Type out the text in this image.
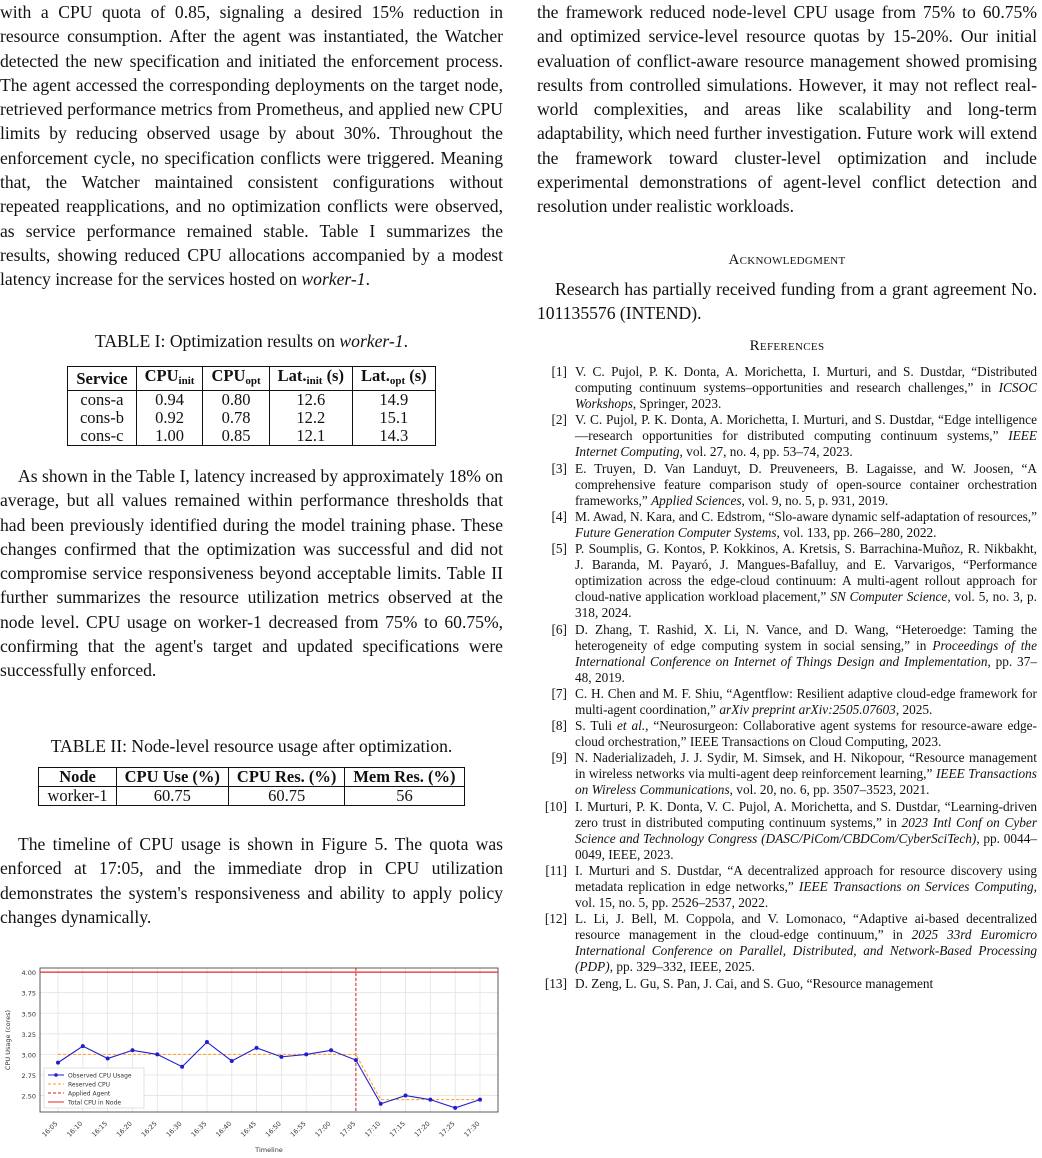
with a CPU quota of 0.85, signaling a desired 15% reduction in resource consumption. After the agent was instantiated, the Watcher detected the new specification and initiated the enforcement process. The agent accessed the corresponding deployments on the target node, retrieved performance metrics from Prometheus, and applied new CPU limits by reducing observed usage by about 30%. Throughout the enforcement cycle, no specification conflicts were triggered. Meaning that, the Watcher maintained consistent configurations without repeated reapplications, and no optimization conflicts were observed, as service performance remained stable. Table I summarizes the results, showing reduced CPU allocations accompanied by a modest latency increase for the services hosted on worker-1.

TABLE I: Optimization results on worker-1.
Service	$CPU_{init}$	$CPU_{opt}$	$Lat._{init}$ (s)	$Lat._{opt}$ (s)
cons-a	0.94	0.80	12.6	14.9
cons-b	0.92	0.78	12.2	15.1
cons-c	1.00	0.85	12.1	14.3

As shown in the Table I, latency increased by approximately 18% on average, but all values remained within performance thresholds that had been previously identified during the model training phase. These changes confirmed that the optimization was successful and did not compromise service responsiveness beyond acceptable limits. Table II further summarizes the resource utilization metrics observed at the node level. CPU usage on worker-1 decreased from 75% to 60.75%, confirming that the agent's target and updated specifications were successfully enforced.

TABLE II: Node-level resource usage after optimization.
Node	CPU Use (%)	CPU Res. (%)	Mem Res. (%)
worker-1	60.75	60.75	56

The timeline of CPU usage is shown in Figure 5. The quota was enforced at 17:05, and the immediate drop in CPU utilization demonstrates the system's responsiveness and ability to apply policy changes dynamically.

2.50
2.75
3.00
3.25
3.50
3.75
4.00
16:05 16:10 16:15 16:20 16:25 16:30 16:35 16:40 16:45 16:50 16:55 17:00 17:05 17:10 17:15 17:20 17:25 17:30
CPU Usage (cores)
Timeline
Observed CPU Usage
Reserved CPU
Applied Agent
Total CPU in Node

the framework reduced node-level CPU usage from 75% to 60.75% and optimized service-level resource quotas by 15-20%. Our initial evaluation of conflict-aware resource management showed promising results from controlled simulations. However, it may not reflect real-world complexities, and areas like scalability and long-term adaptability, which need further investigation. Future work will extend the framework toward cluster-level optimization and include experimental demonstrations of agent-level conflict detection and resolution under realistic workloads.

Acknowledgment

Research has partially received funding from a grant agreement No. 101135576 (INTEND).

References
[1] V. C. Pujol, P. K. Donta, A. Morichetta, I. Murturi, and S. Dustdar, “Distributed computing continuum systems–opportunities and research challenges,” in ICSOC Workshops, Springer, 2023.
[2] V. C. Pujol, P. K. Donta, A. Morichetta, I. Murturi, and S. Dustdar, “Edge intelligence—research opportunities for distributed computing continuum systems,” IEEE Internet Computing, vol. 27, no. 4, pp. 53–74, 2023.
[3] E. Truyen, D. Van Landuyt, D. Preuveneers, B. Lagaisse, and W. Joosen, “A comprehensive feature comparison study of open-source container orchestration frameworks,” Applied Sciences, vol. 9, no. 5, p. 931, 2019.
[4] M. Awad, N. Kara, and C. Edstrom, “Slo-aware dynamic self-adaptation of resources,” Future Generation Computer Systems, vol. 133, pp. 266–280, 2022.
[5] P. Soumplis, G. Kontos, P. Kokkinos, A. Kretsis, S. Barrachina-Muñoz, R. Nikbakht, J. Baranda, M. Payaró, J. Mangues-Bafalluy, and E. Varvarigos, “Performance optimization across the edge-cloud continuum: A multi-agent rollout approach for cloud-native application workload placement,” SN Computer Science, vol. 5, no. 3, p. 318, 2024.
[6] D. Zhang, T. Rashid, X. Li, N. Vance, and D. Wang, “Heteroedge: Taming the heterogeneity of edge computing system in social sensing,” in Proceedings of the International Conference on Internet of Things Design and Implementation, pp. 37–48, 2019.
[7] C. H. Chen and M. F. Shiu, “Agentflow: Resilient adaptive cloud-edge framework for multi-agent coordination,” arXiv preprint arXiv:2505.07603, 2025.
[8] S. Tuli et al., “Neurosurgeon: Collaborative agent systems for resource-aware edge-cloud orchestration,” IEEE Transactions on Cloud Computing, 2023.
[9] N. Naderializadeh, J. J. Sydir, M. Simsek, and H. Nikopour, “Resource management in wireless networks via multi-agent deep reinforcement learning,” IEEE Transactions on Wireless Communications, vol. 20, no. 6, pp. 3507–3523, 2021.
[10] I. Murturi, P. K. Donta, V. C. Pujol, A. Morichetta, and S. Dustdar, “Learning-driven zero trust in distributed computing continuum systems,” in 2023 Intl Conf on Cyber Science and Technology Congress (DASC/PiCom/CBDCom/CyberSciTech), pp. 0044–0049, IEEE, 2023.
[11] I. Murturi and S. Dustdar, “A decentralized approach for resource discovery using metadata replication in edge networks,” IEEE Transactions on Services Computing, vol. 15, no. 5, pp. 2526–2537, 2022.
[12] L. Li, J. Bell, M. Coppola, and V. Lomonaco, “Adaptive ai-based decentralized resource management in the cloud-edge continuum,” in 2025 33rd Euromicro International Conference on Parallel, Distributed, and Network-Based Processing (PDP), pp. 329–332, IEEE, 2025.
[13] D. Zeng, L. Gu, S. Pan, J. Cai, and S. Guo, “Resource management
